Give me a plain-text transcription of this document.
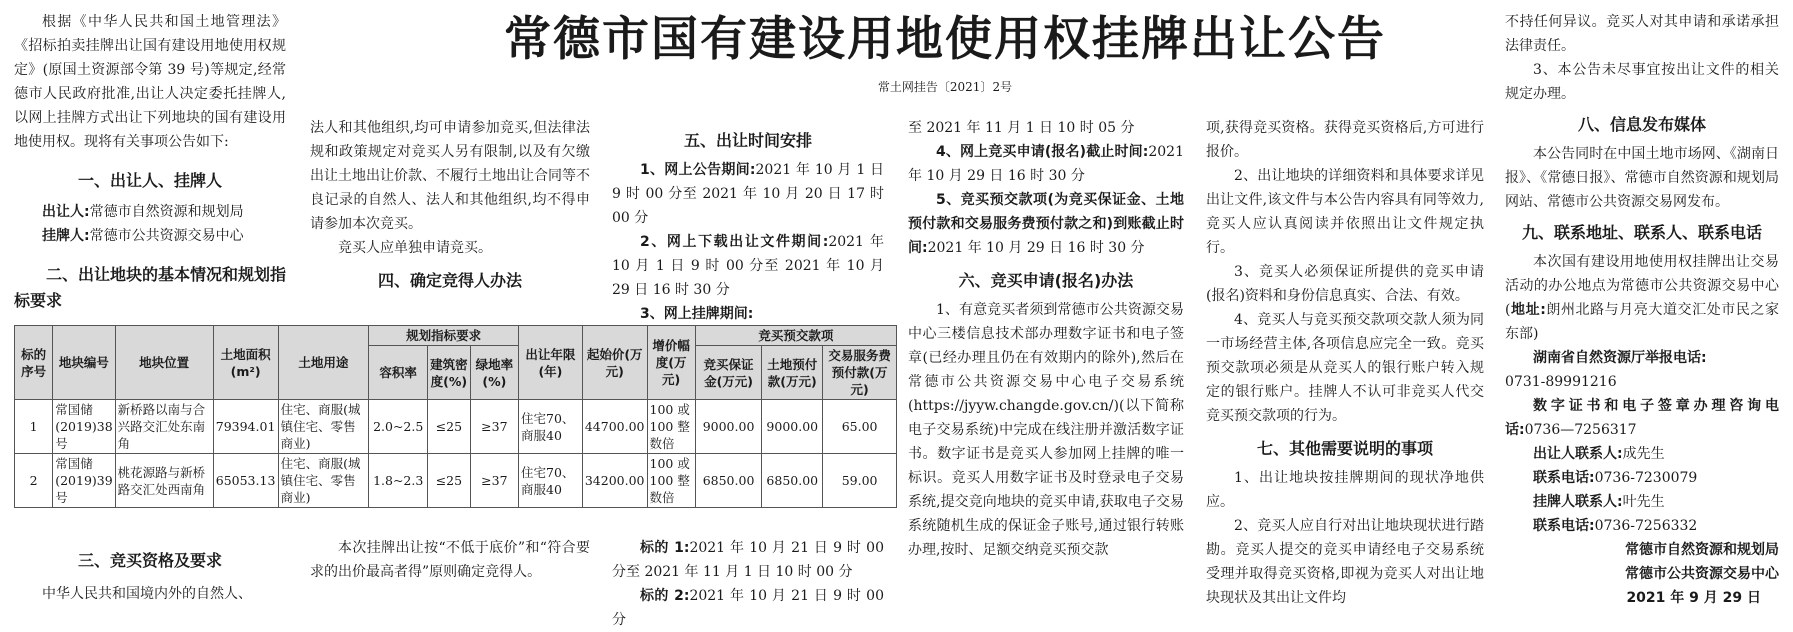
常德市国有建设用地使用权挂牌出让公告
常土网挂告〔2021〕2号

根据《中华人民共和国土地管理法》《招标拍卖挂牌出让国有建设用地使用权规定》(原国土资源部令第 39 号)等规定,经常德市人民政府批准,出让人决定委托挂牌人,以网上挂牌方式出让下列地块的国有建设用地使用权。现将有关事项公告如下:

一、出让人、挂牌人

出让人:常德市自然资源和规划局

挂牌人:常德市公共资源交易中心

二、出让地块的基本情况和规划指标要求

三、竞买资格及要求

中华人民共和国境内外的自然人、

法人和其他组织,均可申请参加竞买,但法律法规和政策规定对竞买人另有限制,以及有欠缴出让土地出让价款、不履行土地出让合同等不良记录的自然人、法人和其他组织,均不得申请参加本次竞买。

竞买人应单独申请竞买。

四、确定竞得人办法

本次挂牌出让按“不低于底价”和“符合要求的出价最高者得”原则确定竞得人。

五、出让时间安排

1、网上公告期间:2021 年 10 月 1 日 9 时 00 分至 2021 年 10 月 20 日 17 时 00 分

2、网上下载出让文件期间:2021 年 10 月 1 日 9 时 00 分至 2021 年 10 月 29 日 16 时 30 分

3、网上挂牌期间:

标的 1:2021 年 10 月 21 日 9 时 00 分至 2021 年 11 月 1 日 10 时 00 分

标的 2:2021 年 10 月 21 日 9 时 00 分

至 2021 年 11 月 1 日 10 时 05 分

4、网上竞买申请(报名)截止时间:2021 年 10 月 29 日 16 时 30 分

5、竞买预交款项(为竞买保证金、土地预付款和交易服务费预付款之和)到账截止时间:2021 年 10 月 29 日 16 时 30 分

六、竞买申请(报名)办法

1、有意竞买者须到常德市公共资源交易中心三楼信息技术部办理数字证书和电子签章(已经办理且仍在有效期内的除外),然后在常德市公共资源交易中心电子交易系统(https://jyyw.changde.gov.cn/)(以下简称电子交易系统)中完成在线注册并激活数字证书。数字证书是竞买人参加网上挂牌的唯一标识。竞买人用数字证书及时登录电子交易系统,提交竞向地块的竞买申请,获取电子交易系统随机生成的保证金子账号,通过银行转账办理,按时、足额交纳竞买预交款

项,获得竞买资格。获得竞买资格后,方可进行报价。

2、出让地块的详细资料和具体要求详见出让文件,该文件与本公告内容具有同等效力,竞买人应认真阅读并依照出让文件规定执行。

3、竞买人必须保证所提供的竞买申请(报名)资料和身份信息真实、合法、有效。

4、竞买人与竞买预交款项交款人须为同一市场经营主体,各项信息应完全一致。竞买预交款项必须是从竞买人的银行账户转入规定的银行账户。挂牌人不认可非竞买人代交竞买预交款项的行为。

七、其他需要说明的事项

1、出让地块按挂牌期间的现状净地供应。

2、竞买人应自行对出让地块现状进行踏勘。竞买人提交的竞买申请经电子交易系统受理并取得竞买资格,即视为竞买人对出让地块现状及其出让文件均

不持任何异议。竞买人对其申请和承诺承担法律责任。

3、本公告未尽事宜按出让文件的相关规定办理。

八、信息发布媒体

本公告同时在中国土地市场网、《湖南日报》、《常德日报》、常德市自然资源和规划局网站、常德市公共资源交易网发布。

九、联系地址、联系人、联系电话

本次国有建设用地使用权挂牌出让交易活动的办公地点为常德市公共资源交易中心(地址:朗州北路与月亮大道交汇处市民之家东部)

湖南省自然资源厅举报电话:

0731-89991216

数字证书和电子签章办理咨询电话:0736—7256317

出让人联系人:成先生

联系电话:0736-7230079

挂牌人联系人:叶先生

联系电话:0736-7256332

常德市自然资源和规划局

常德市公共资源交易中心

2021 年 9 月 29 日

标的序号	地块编号	地块位置	土地面积(m²)	土地用途	规划指标要求			出让年限(年)	起始价(万元)	增价幅度(万元)	竞买预交款项		
					容积率	建筑密度(%)	绿地率(%)				竞买保证金(万元)	土地预付款(万元)	交易服务费预付款(万元)
1	常国储(2019)38号	新桥路以南与合兴路交汇处东南角	79394.01	住宅、商服(城镇住宅、零售商业)	2.0~2.5	≤25	≥37	住宅70、商服40	44700.00	100 或 100 整数倍	9000.00	9000.00	65.00
2	常国储(2019)39号	桃花源路与新桥路交汇处西南角	65053.13	住宅、商服(城镇住宅、零售商业)	1.8~2.3	≤25	≥37	住宅70、商服40	34200.00	100 或 100 整数倍	6850.00	6850.00	59.00
